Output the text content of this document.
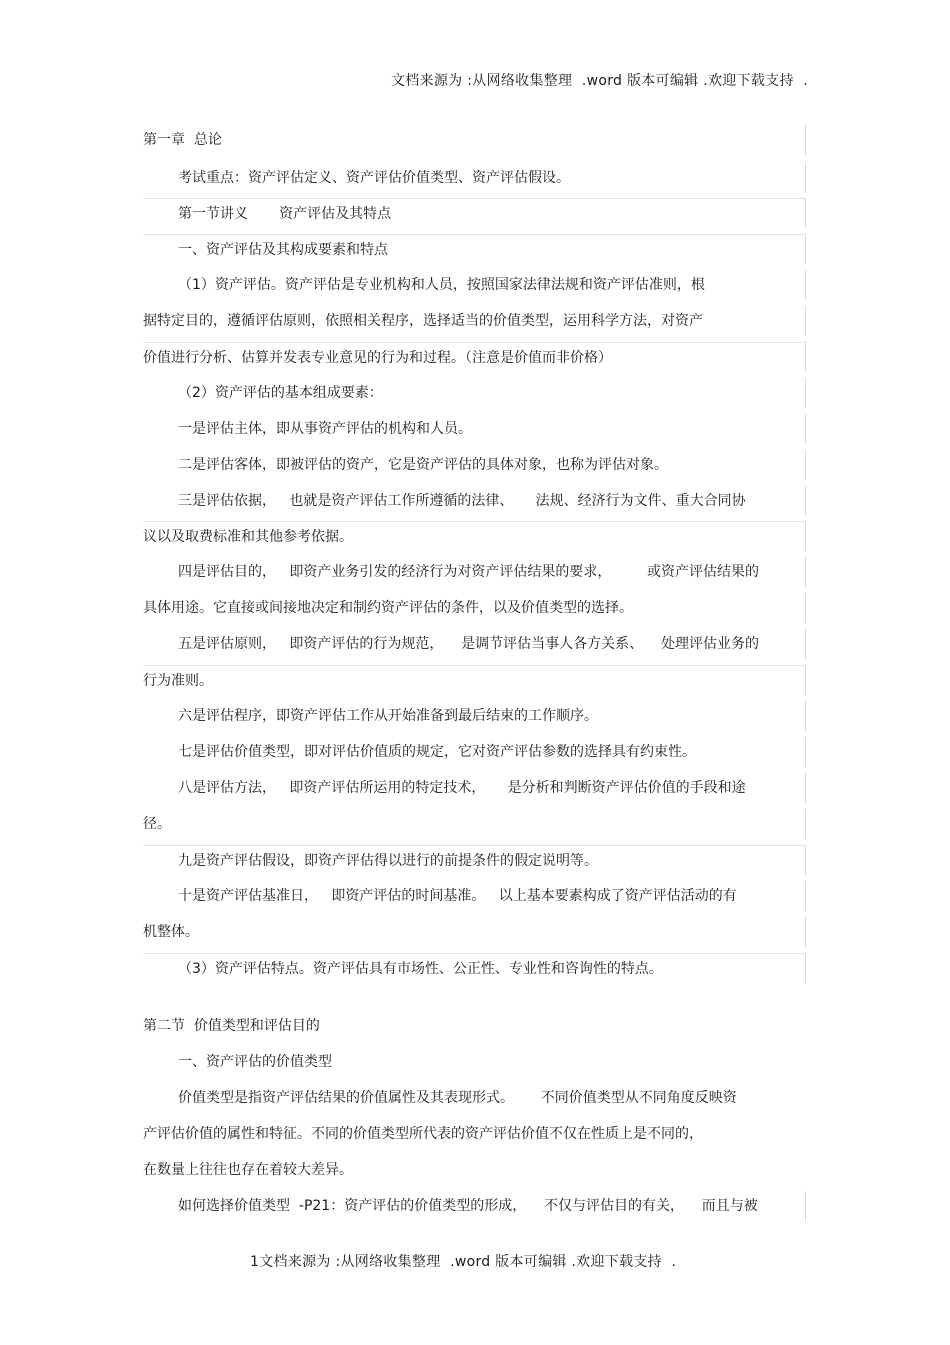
文档来源为 :从网络收集整理  .word 版本可编辑 .欢迎下载支持  .
第一章  总论
考试重点：资产评估定义、资产评估价值类型、资产评估假设。
第一节讲义       资产评估及其特点
一、资产评估及其构成要素和特点
（1）资产评估。资产评估是专业机构和人员，按照国家法律法规和资产评估准则，根
据特定目的，遵循评估原则，依照相关程序，选择适当的价值类型，运用科学方法，对资产
价值进行分析、估算并发表专业意见的行为和过程。（注意是价值而非价格）
（2）资产评估的基本组成要素：
一是评估主体，即从事资产评估的机构和人员。
二是评估客体，即被评估的资产，它是资产评估的具体对象，也称为评估对象。
三是评估依据，   也就是资产评估工作所遵循的法律、     法规、经济行为文件、重大合同协
议以及取费标准和其他参考依据。
四是评估目的，   即资产业务引发的经济行为对资产评估结果的要求，        或资产评估结果的
具体用途。它直接或间接地决定和制约资产评估的条件，以及价值类型的选择。
五是评估原则，   即资产评估的行为规范，    是调节评估当事人各方关系、    处理评估业务的
行为准则。
六是评估程序，即资产评估工作从开始准备到最后结束的工作顺序。
七是评估价值类型，即对评估价值质的规定，它对资产评估参数的选择具有约束性。
八是评估方法，   即资产评估所运用的特定技术，     是分析和判断资产评估价值的手段和途
径。
九是资产评估假设，即资产评估得以进行的前提条件的假定说明等。
十是资产评估基准日，   即资产评估的时间基准。   以上基本要素构成了资产评估活动的有
机整体。
（3）资产评估特点。资产评估具有市场性、公正性、专业性和咨询性的特点。
第二节  价值类型和评估目的
一、资产评估的价值类型
价值类型是指资产评估结果的价值属性及其表现形式。      不同价值类型从不同角度反映资
产评估价值的属性和特征。不同的价值类型所代表的资产评估价值不仅在性质上是不同的，
在数量上往往也存在着较大差异。
如何选择价值类型  -P21：资产评估的价值类型的形成，    不仅与评估目的有关，    而且与被
1文档来源为 :从网络收集整理  .word 版本可编辑 .欢迎下载支持  .
